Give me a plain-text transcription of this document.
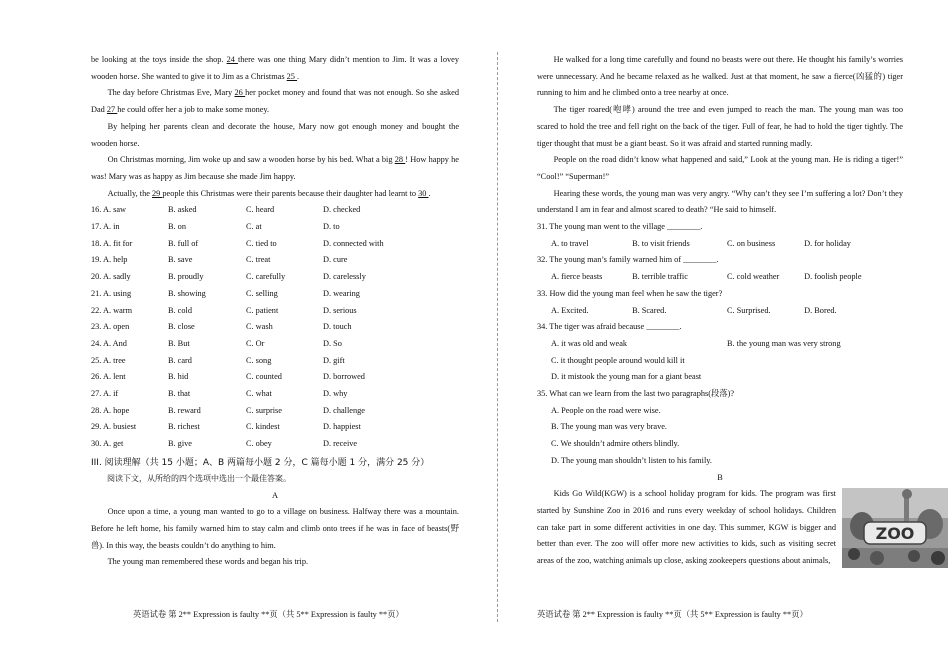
be looking at the toys inside the shop. 24 there was one thing Mary didn’t mention to Jim. It was a lovey wooden horse. She wanted to give it to Jim as a Christmas 25 .

The day before Christmas Eve, Mary 26 her pocket money and found that was not enough. So she asked Dad 27 he could offer her a job to make some money.

By helping her parents clean and decorate the house, Mary now got enough money and bought the wooden horse.

On Christmas morning, Jim woke up and saw a wooden horse by his bed. What a big 28 ! How happy he was! Mary was as happy as Jim because she made Jim happy.

Actually, the 29 people this Christmas were their parents because their daughter had learnt to 30 .

16. A. saw	B. asked	C. heard	D. checked
17. A. in	B. on	C. at	D. to
18. A. fit for	B. full of	C. tied to	D. connected with
19. A. help	B. save	C. treat	D. cure
20. A. sadly	B. proudly	C. carefully	D. carelessly
21. A. using	B. showing	C. selling	D. wearing
22. A. warm	B. cold	C. patient	D. serious
23. A. open	B. close	C. wash	D. touch
24. A. And	B. But	C. Or	D. So
25. A. tree	B. card	C. song	D. gift
26. A. lent	B. hid	C. counted	D. borrowed
27. A. if	B. that	C. what	D. why
28. A. hope	B. reward	C. surprise	D. challenge
29. A. busiest	B. richest	C. kindest	D. happiest
30. A. get	B. give	C. obey	D. receive

III. 阅读理解（共 15 小题；A、B 两篇每小题 2 分，C 篇每小题 1 分，满分 25 分）

阅读下文，从所给的四个选项中选出一个最佳答案。

A

Once upon a time, a young man wanted to go to a village on business. Halfway there was a mountain. Before he left home, his family warned him to stay calm and climb onto trees if he was in face of beasts(野兽). In this way, the beasts couldn’t do anything to him.

The young man remembered these words and began his trip.

英语试卷 第 2** Expression is faulty **页（共 5** Expression is faulty **页）

He walked for a long time carefully and found no beasts were out there. He thought his family’s worries were unnecessary. And he became relaxed as he walked. Just at that moment, he saw a fierce(凶猛的) tiger running to him and he climbed onto a tree nearby at once.

The tiger roared(咆哮) around the tree and even jumped to reach the man. The young man was too scared to hold the tree and fell right on the back of the tiger. Full of fear, he had to hold the tiger tightly. The tiger thought that must be a giant beast. So it was afraid and started running madly.

People on the road didn’t know what happened and said,” Look at the young man. He is riding a tiger!” “Cool!” “Superman!”

Hearing these words, the young man was very angry. “Why can’t they see I’m suffering a lot? Don’t they understand I am in fear and almost scared to death? “He said to himself.

31. The young man went to the village ________.

A. to travel	B. to visit friends	C. on business	D. for holiday

32. The young man’s family warned him of ________.

A. fierce beasts	B. terrible traffic	C. cold weather	D. foolish people

33. How did the young man feel when he saw the tiger?

A. Excited.	B. Scared.	C. Surprised.	D. Bored.

34. The tiger was afraid because ________.

A. it was old and weak	B. the young man was very strong
C. it thought people around would kill it

D. it mistook the young man for a giant beast

35. What can we learn from the last two paragraphs(段落)?

A. People on the road were wise.

B. The young man was very brave.

C. We shouldn’t admire others blindly.

D. The young man shouldn’t listen to his family.

B

ZOO

Kids Go Wild(KGW) is a school holiday program for kids. The program was first started by Sunshine Zoo in 2016 and runs every weekday of school holidays. Children can take part in some different activities in one day. This summer, KGW is bigger and better than ever. The zoo will offer more new activities to kids, such as visiting secret areas of the zoo, watching animals up close, asking zookeepers questions about animals,

英语试卷 第 2** Expression is faulty **页（共 5** Expression is faulty **页）
